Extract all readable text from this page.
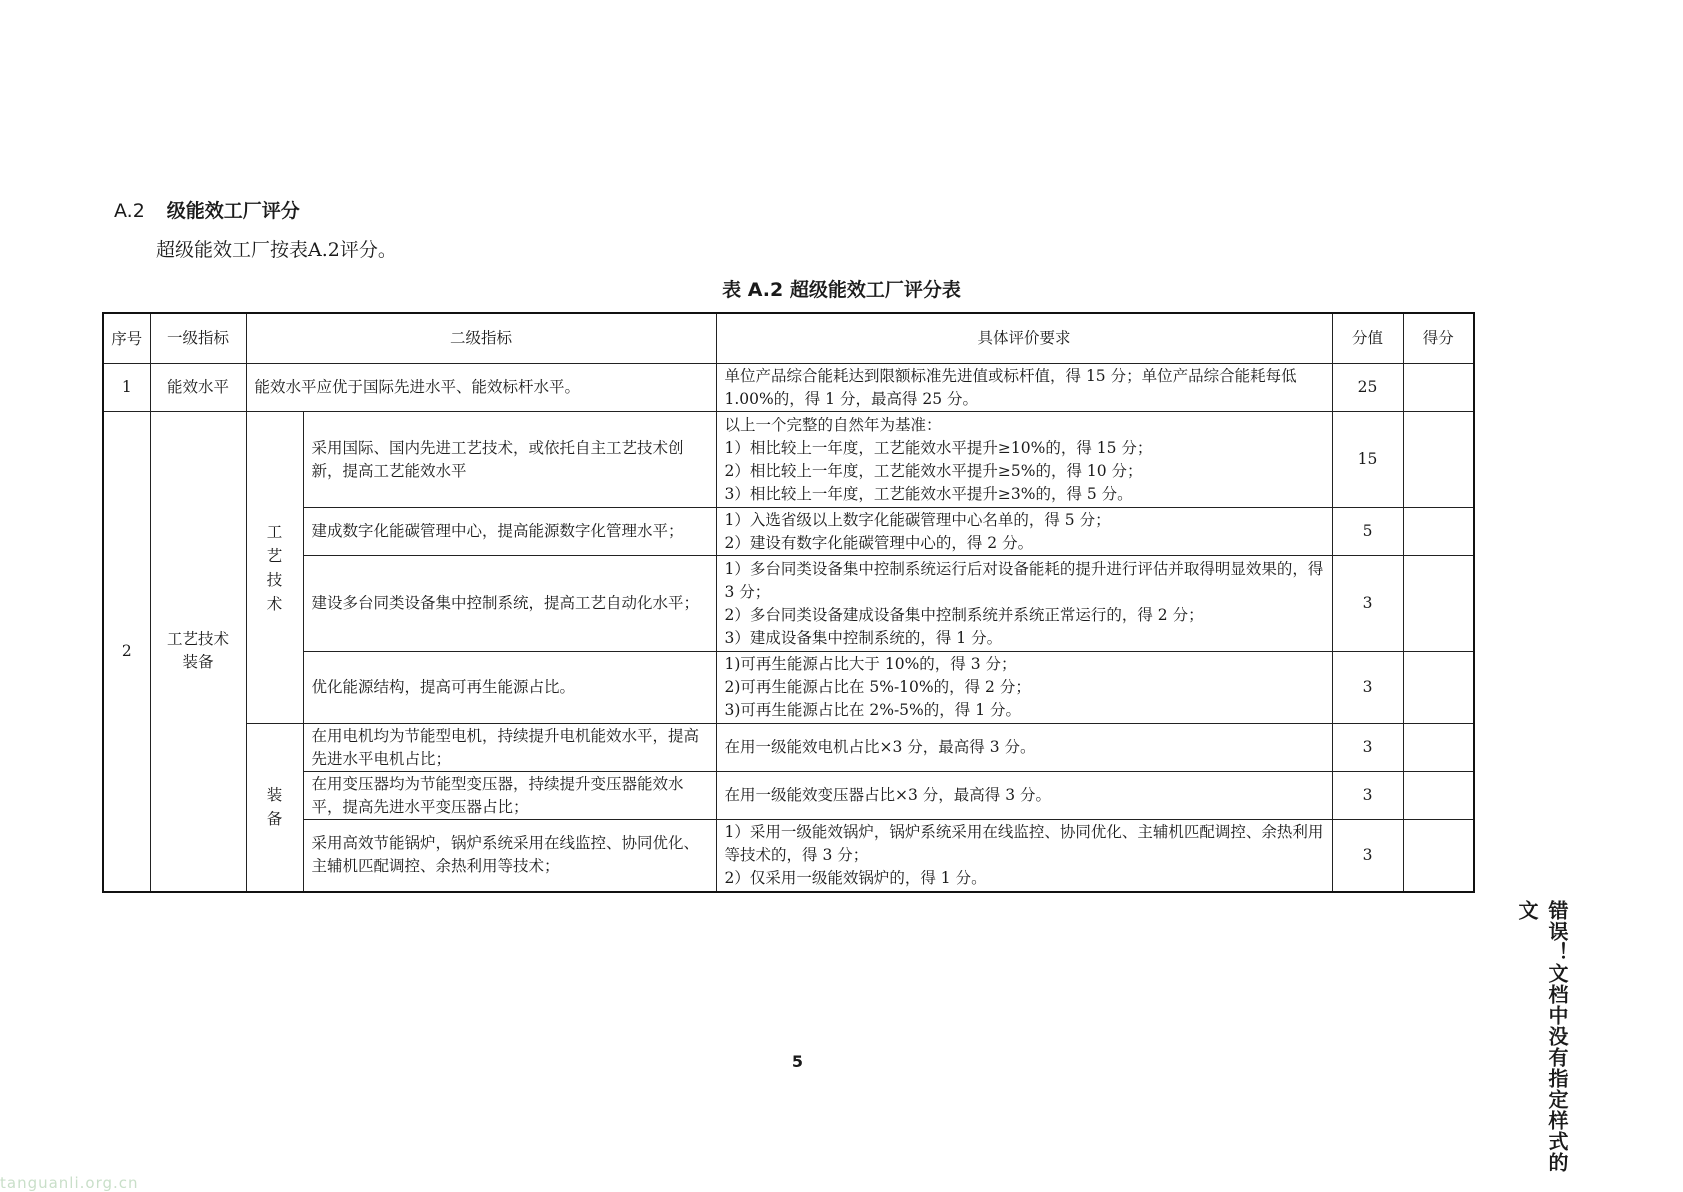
A.2 级能效工厂评分
超级能效工厂按表A.2评分。
表 A.2 超级能效工厂评分表
序号	一级指标	二级指标		具体评价要求	分值	得分
1	能效水平	能效水平应优于国际先进水平、能效标杆水平。		单位产品综合能耗达到限额标准先进值或标杆值，得 15 分；单位产品综合能耗每低 1.00%的，得 1 分，最高得 25 分。	25	
2	工艺技术装备	工艺技术	采用国际、国内先进工艺技术，或依托自主工艺技术创新，提高工艺能效水平	以上一个完整的自然年为基准：
1）相比较上一年度，工艺能效水平提升≥10%的，得 15 分；
2）相比较上一年度，工艺能效水平提升≥5%的，得 10 分；
3）相比较上一年度，工艺能效水平提升≥3%的，得 5 分。	15	
			建成数字化能碳管理中心，提高能源数字化管理水平；	1）入选省级以上数字化能碳管理中心名单的，得 5 分；
2）建设有数字化能碳管理中心的，得 2 分。	5	
			建设多台同类设备集中控制系统，提高工艺自动化水平；	1）多台同类设备集中控制系统运行后对设备能耗的提升进行评估并取得明显效果的，得 3 分；
2）多台同类设备建成设备集中控制系统并系统正常运行的，得 2 分；
3）建成设备集中控制系统的，得 1 分。	3	
			优化能源结构，提高可再生能源占比。	1)可再生能源占比大于 10%的，得 3 分；
2)可再生能源占比在 5%-10%的，得 2 分；
3)可再生能源占比在 2%-5%的，得 1 分。	3	
		装备	在用电机均为节能型电机，持续提升电机能效水平，提高先进水平电机占比；	在用一级能效电机占比×3 分，最高得 3 分。	3	
			在用变压器均为节能型变压器，持续提升变压器能效水平，提高先进水平变压器占比；	在用一级能效变压器占比×3 分，最高得 3 分。	3	
			采用高效节能锅炉，锅炉系统采用在线监控、协同优化、主辅机匹配调控、余热利用等技术；	1）采用一级能效锅炉，锅炉系统采用在线监控、协同优化、主辅机匹配调控、余热利用等技术的，得 3 分；
2）仅采用一级能效锅炉的，得 1 分。	3	
5	错误！文档中没有指定样式的文
tanguanli.org.cn
